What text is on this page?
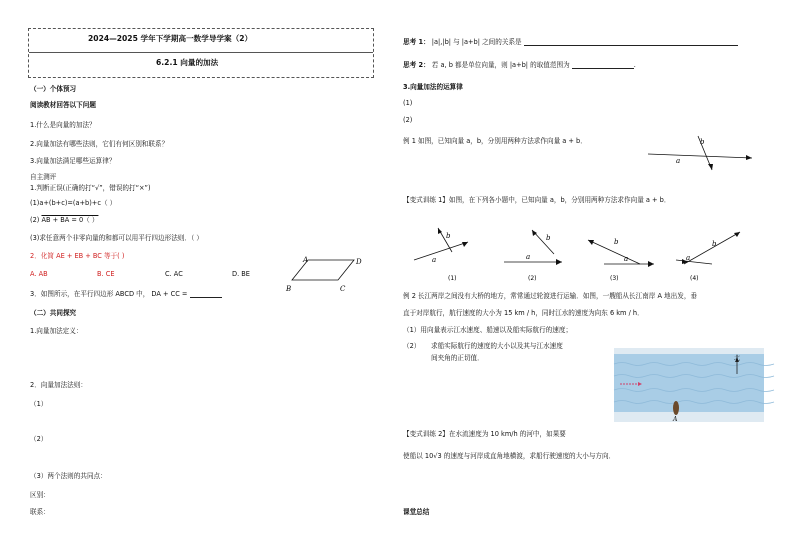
2024—2025 学年下学期高一数学导学案（2）
6.2.1 向量的加法
（一）个体预习
阅读教材回答以下问题
1.什么是向量的加法？
2.向量加法有哪些法则，它们有何区别和联系？
3.向量加法满足哪些运算律？
自主测评
1.判断正误(正确的打“√”，错误的打“×”)
(1)a+(b+c)=(a+b)+c（ ）
(2) AB + BA = 0（ ）
(3)求任意两个非零向量的和都可以用平行四边形法则．（ ）
2．化简 AE + EB + BC 等于( )
A. AB	B. CE	C. AC	D. BE
3．如图所示，在平行四边形 ABCD 中， DA + CC =
A	D
B	C
（二）共同探究
1.向量加法定义：
2．向量加法法则：
（1）
（2）
（3）两个法则的共同点：
区别：
联系：
思考 1： |a|,|b| 与 |a+b| 之间的关系是
思考 2： 若 a, b 都是单位向量，则 |a+b| 的取值范围为	.
3.向量加法的运算律
(1)
(2)
例 1 如图，已知向量 a，b，分别用两种方法求作向量 a + b．	b
a
【变式训练 1】如图，在下列各小题中，已知向量 a，b，分别用两种方法求作向量 a + b．
b
a
(1)
b
a
(2)
b
a
(3)
b
a
(4)
例 2 长江两岸之间没有大桥的地方，常常通过轮渡进行运输．如图，一艘船从长江南岸 A 地出发，垂
直于对岸航行，航行速度的大小为 15 km / h，同时江水的速度为向东 6 km / h．
（1）用向量表示江水速度、船速以及船实际航行的速度；
（2） 求船实际航行的速度的大小以及其与江水速度
间夹角的正切值．	北
A
【变式训练 2】在水流速度为 10 km/h 的河中，如果要
使船以 10√3 的速度与河岸成直角地横渡，求船行驶速度的大小与方向．
课堂总结
